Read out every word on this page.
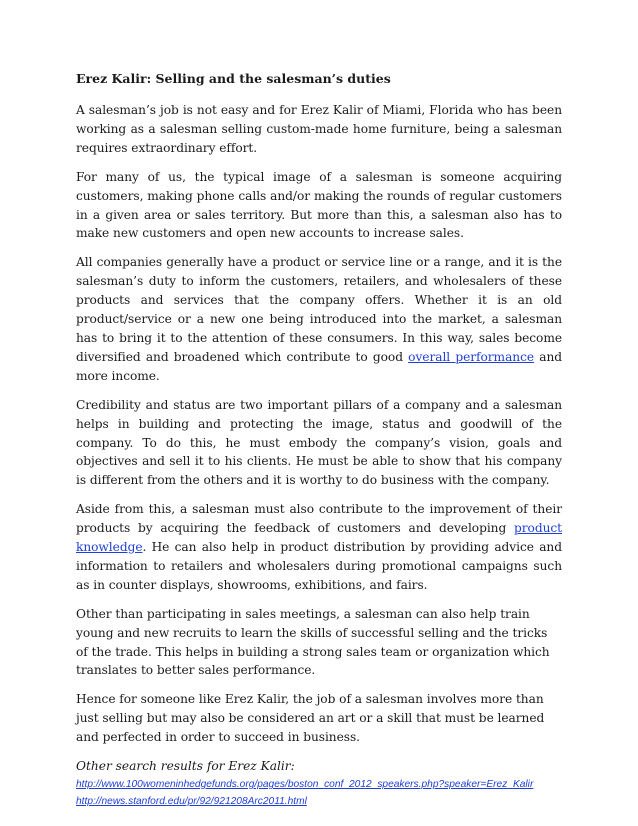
Erez Kalir: Selling and the salesman’s duties

A salesman’s job is not easy and for Erez Kalir of Miami, Florida who has been working as a salesman selling custom-made home furniture, being a salesman requires extraordinary effort.

For many of us, the typical image of a salesman is someone acquiring customers, making phone calls and/or making the rounds of regular customers in a given area or sales territory. But more than this, a salesman also has to make new customers and open new accounts to increase sales.

All companies generally have a product or service line or a range, and it is the salesman’s duty to inform the customers, retailers, and wholesalers of these products and services that the company offers. Whether it is an old product/service or a new one being introduced into the market, a salesman has to bring it to the attention of these consumers. In this way, sales become diversified and broadened which contribute to good overall performance and more income.

Credibility and status are two important pillars of a company and a salesman helps in building and protecting the image, status and goodwill of the company. To do this, he must embody the company’s vision, goals and objectives and sell it to his clients. He must be able to show that his company is different from the others and it is worthy to do business with the company.

Aside from this, a salesman must also contribute to the improvement of their products by acquiring the feedback of customers and developing product knowledge. He can also help in product distribution by providing advice and information to retailers and wholesalers during promotional campaigns such as in counter displays, showrooms, exhibitions, and fairs.

Other than participating in sales meetings, a salesman can also help train young and new recruits to learn the skills of successful selling and the tricks of the trade. This helps in building a strong sales team or organization which translates to better sales performance.

Hence for someone like Erez Kalir, the job of a salesman involves more than just selling but may also be considered an art or a skill that must be learned and perfected in order to succeed in business.

Other search results for Erez Kalir:
http://www.100womeninhedgefunds.org/pages/boston_conf_2012_speakers.php?speaker=Erez_Kalir
http://news.stanford.edu/pr/92/921208Arc2011.html
